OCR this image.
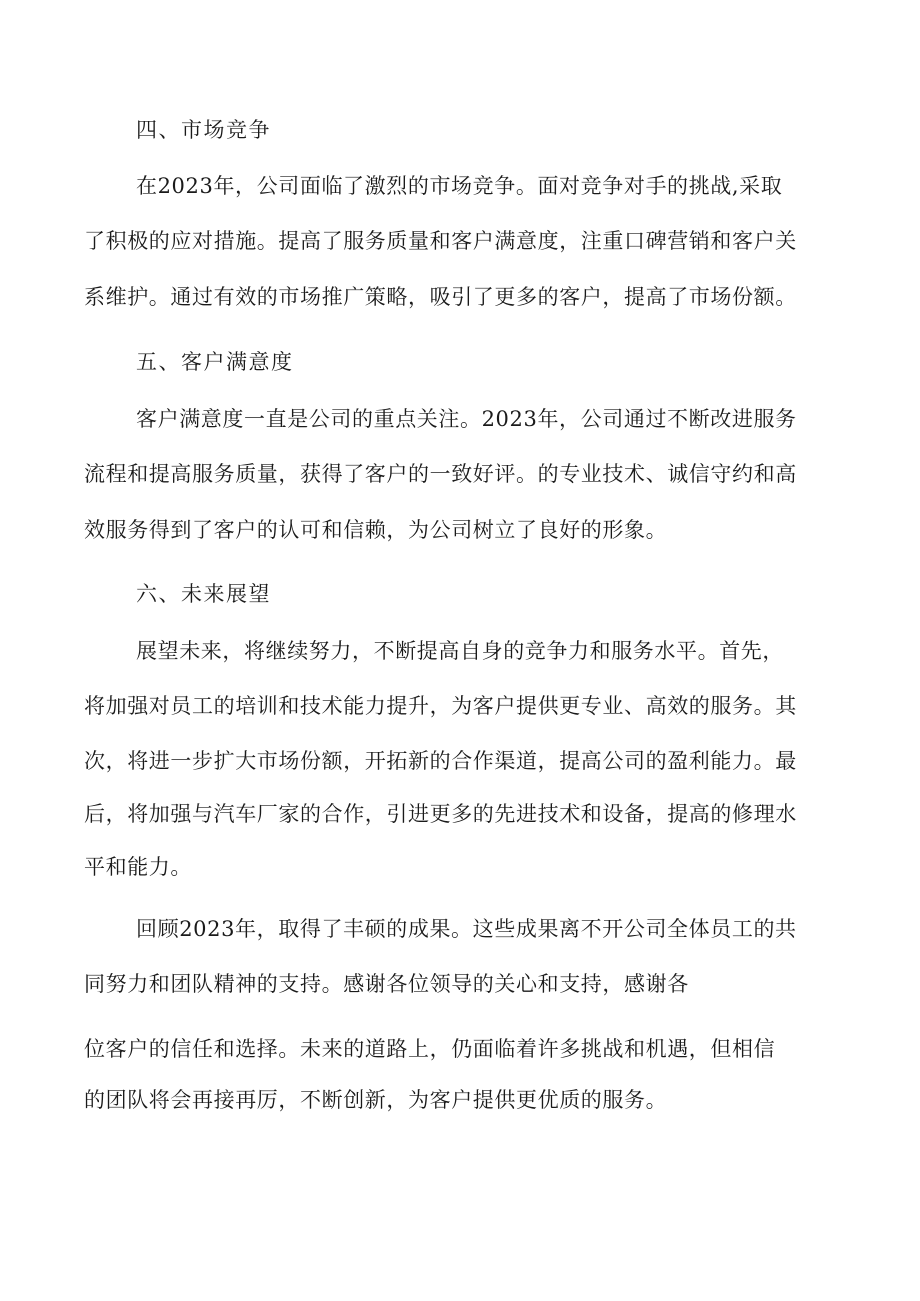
四、市场竞争
在2023年，公司面临了激烈的市场竞争。面对竞争对手的挑战,采取
了积极的应对措施。提高了服务质量和客户满意度，注重口碑营销和客户关
系维护。通过有效的市场推广策略，吸引了更多的客户，提高了市场份额。
五、客户满意度
客户满意度一直是公司的重点关注。2023年，公司通过不断改进服务
流程和提高服务质量，获得了客户的一致好评。的专业技术、诚信守约和高
效服务得到了客户的认可和信赖，为公司树立了良好的形象。
六、未来展望
展望未来，将继续努力，不断提高自身的竞争力和服务水平。首先，
将加强对员工的培训和技术能力提升，为客户提供更专业、高效的服务。其
次，将进一步扩大市场份额，开拓新的合作渠道，提高公司的盈利能力。最
后，将加强与汽车厂家的合作，引进更多的先进技术和设备，提高的修理水
平和能力。
回顾2023年，取得了丰硕的成果。这些成果离不开公司全体员工的共
同努力和团队精神的支持。感谢各位领导的关心和支持，感谢各
位客户的信任和选择。未来的道路上，仍面临着许多挑战和机遇，但相信
的团队将会再接再厉，不断创新，为客户提供更优质的服务。
